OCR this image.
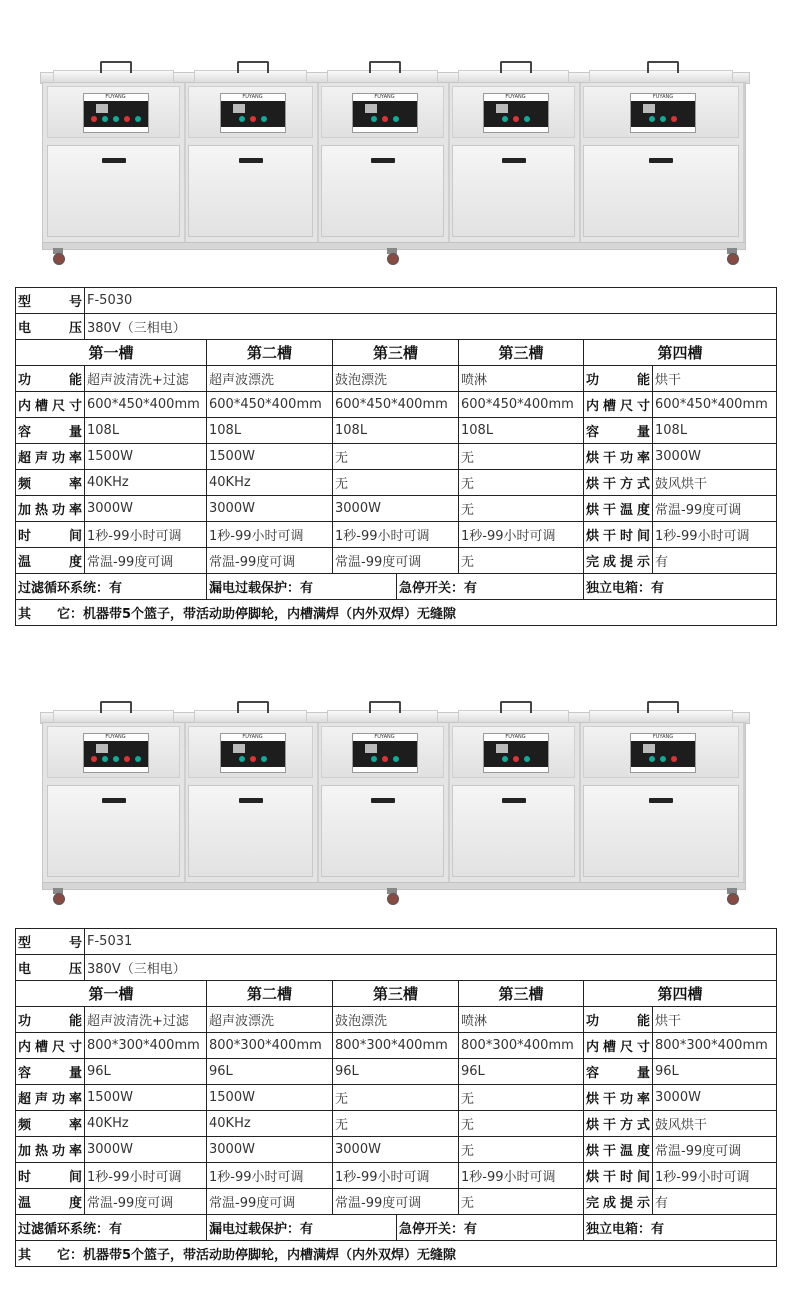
FUYANG	FUYANG	FUYANG	FUYANG	FUYANG
型号	F-5030						
电压	380V（三相电）						
第一槽		第二槽	第三槽		第三槽	第四槽	
功能	超声波清洗+过滤	超声波漂洗	鼓泡漂洗		喷淋	功能	烘干
内槽尺寸	600*450*400mm	600*450*400mm	600*450*400mm		600*450*400mm	内槽尺寸	600*450*400mm
容量	108L	108L	108L		108L	容量	108L
超声功率	1500W	1500W	无		无	烘干功率	3000W
频率	40KHz	40KHz	无		无	烘干方式	鼓风烘干
加热功率	3000W	3000W	3000W		无	烘干温度	常温-99度可调
时间	1秒-99小时可调	1秒-99小时可调	1秒-99小时可调		1秒-99小时可调	烘干时间	1秒-99小时可调
温度	常温-99度可调	常温-99度可调	常温-99度可调		无	完成提示	有
过滤循环系统：有		漏电过载保护：有		急停开关：有		独立电箱：有	
其　　它：机器带5个篮子，带活动助停脚轮，内槽满焊（内外双焊）无缝隙							
FUYANG	FUYANG	FUYANG	FUYANG	FUYANG
型号	F-5031						
电压	380V（三相电）						
第一槽		第二槽	第三槽		第三槽	第四槽	
功能	超声波清洗+过滤	超声波漂洗	鼓泡漂洗		喷淋	功能	烘干
内槽尺寸	800*300*400mm	800*300*400mm	800*300*400mm		800*300*400mm	内槽尺寸	800*300*400mm
容量	96L	96L	96L		96L	容量	96L
超声功率	1500W	1500W	无		无	烘干功率	3000W
频率	40KHz	40KHz	无		无	烘干方式	鼓风烘干
加热功率	3000W	3000W	3000W		无	烘干温度	常温-99度可调
时间	1秒-99小时可调	1秒-99小时可调	1秒-99小时可调		1秒-99小时可调	烘干时间	1秒-99小时可调
温度	常温-99度可调	常温-99度可调	常温-99度可调		无	完成提示	有
过滤循环系统：有		漏电过载保护：有		急停开关：有		独立电箱：有	
其　　它：机器带5个篮子，带活动助停脚轮，内槽满焊（内外双焊）无缝隙							
